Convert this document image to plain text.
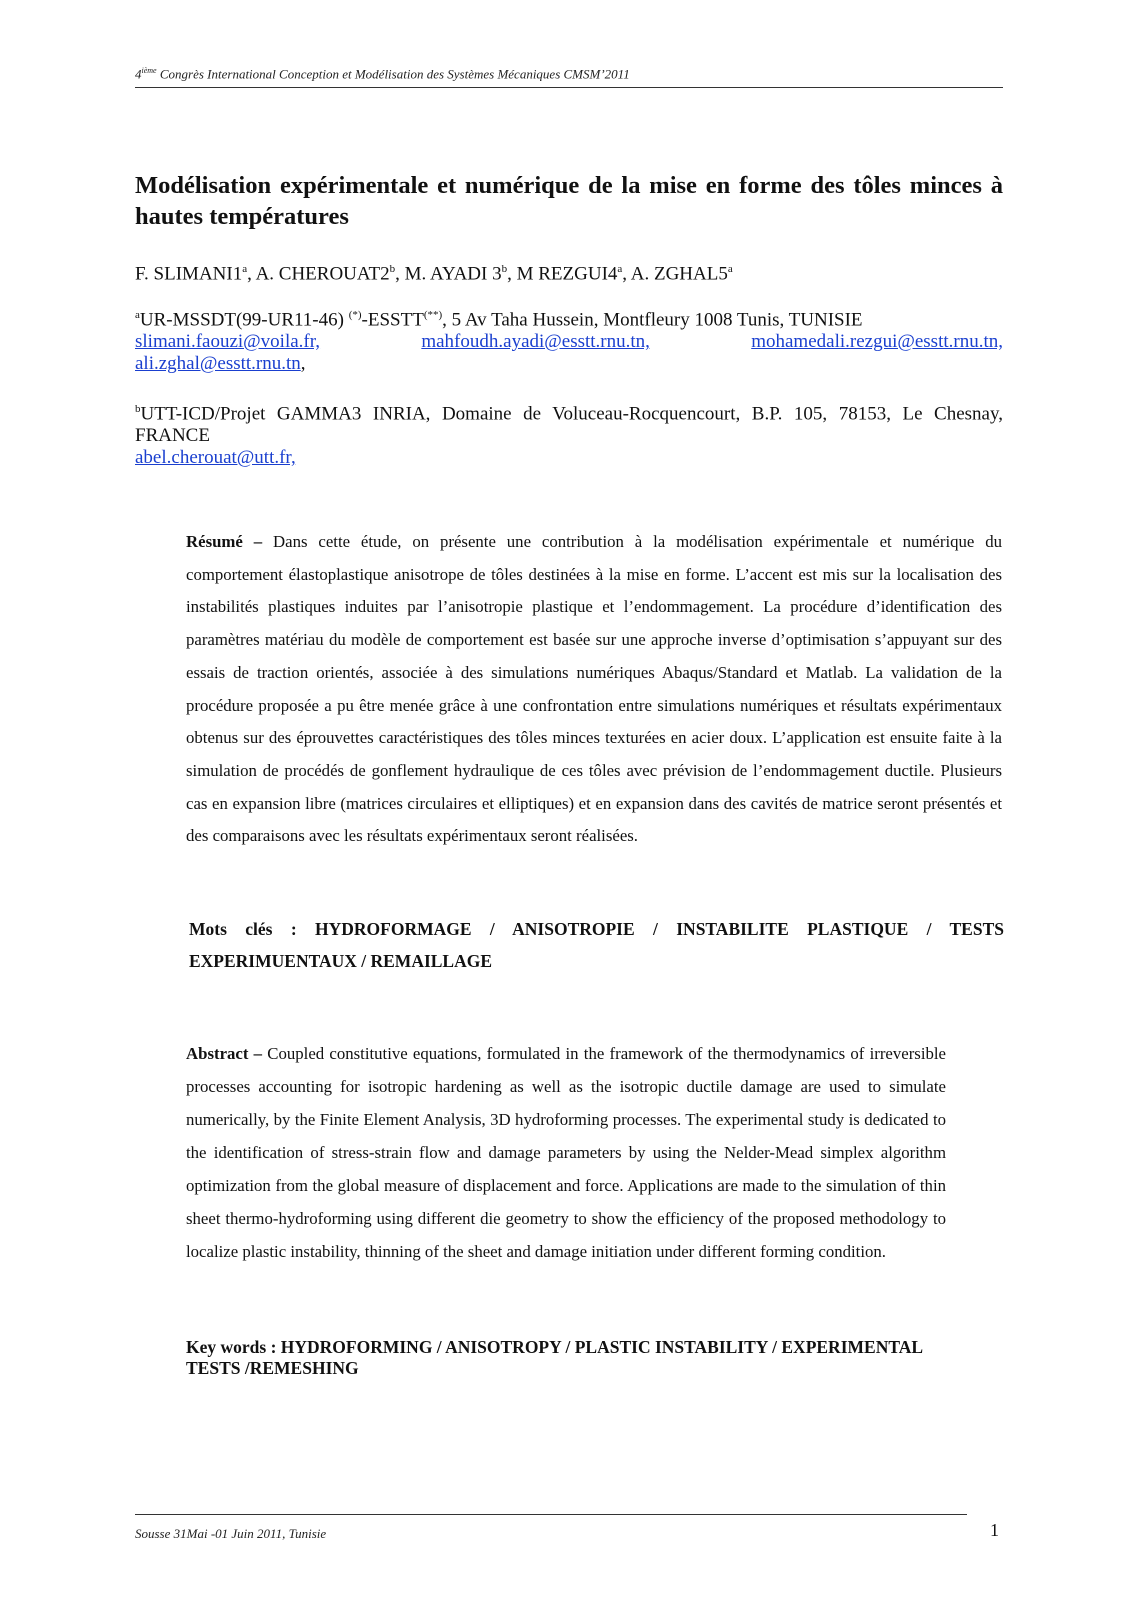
4ième Congrès International Conception et Modélisation des Systèmes Mécaniques CMSM’2011
Modélisation expérimentale et numérique de la mise en forme des tôles minces à hautes températures
F. SLIMANI1$^a$, A. CHEROUAT2$^b$, M. AYADI 3$^b$, M REZGUI4$^a$, A. ZGHAL5$^a$
$^a$UR-MSSDT(99-UR11-46) (*)-ESSTT(**), 5 Av Taha Hussein, Montfleury 1008 Tunis, TUNISIE
slimani.faouzi@voila.fr,	mahfoudh.ayadi@esstt.rnu.tn,	mohamedali.rezgui@esstt.rnu.tn,
ali.zghal@esstt.rnu.tn,
$^b$UTT-ICD/Projet GAMMA3 INRIA, Domaine de Voluceau-Rocquencourt, B.P. 105, 78153, Le Chesnay, FRANCE
abel.cherouat@utt.fr,
Résumé – Dans cette étude, on présente une contribution à la modélisation expérimentale et numérique du comportement élastoplastique anisotrope de tôles destinées à la mise en forme. L’accent est mis sur la localisation des instabilités plastiques induites par l’anisotropie plastique et l’endommagement. La procédure d’identification des paramètres matériau du modèle de comportement est basée sur une approche inverse d’optimisation s’appuyant sur des essais de traction orientés, associée à des simulations numériques Abaqus/Standard et Matlab. La validation de la procédure proposée a pu être menée grâce à une confrontation entre simulations numériques et résultats expérimentaux obtenus sur des éprouvettes caractéristiques des tôles minces texturées en acier doux. L’application est ensuite faite à la simulation de procédés de gonflement hydraulique de ces tôles avec prévision de l’endommagement ductile. Plusieurs cas en expansion libre (matrices circulaires et elliptiques) et en expansion dans des cavités de matrice seront présentés et des comparaisons avec les résultats expérimentaux seront réalisées.
Mots clés : HYDROFORMAGE / ANISOTROPIE / INSTABILITE PLASTIQUE / TESTS EXPERIMUENTAUX / REMAILLAGE
Abstract – Coupled constitutive equations, formulated in the framework of the thermodynamics of irreversible processes accounting for isotropic hardening as well as the isotropic ductile damage are used to simulate numerically, by the Finite Element Analysis, 3D hydroforming processes. The experimental study is dedicated to the identification of stress-strain flow and damage parameters by using the Nelder-Mead simplex algorithm optimization from the global measure of displacement and force. Applications are made to the simulation of thin sheet thermo-hydroforming using different die geometry to show the efficiency of the proposed methodology to localize plastic instability, thinning of the sheet and damage initiation under different forming condition.
Key words : HYDROFORMING / ANISOTROPY / PLASTIC INSTABILITY / EXPERIMENTAL
TESTS /REMESHING
Sousse 31Mai -01 Juin 2011, Tunisie	1
